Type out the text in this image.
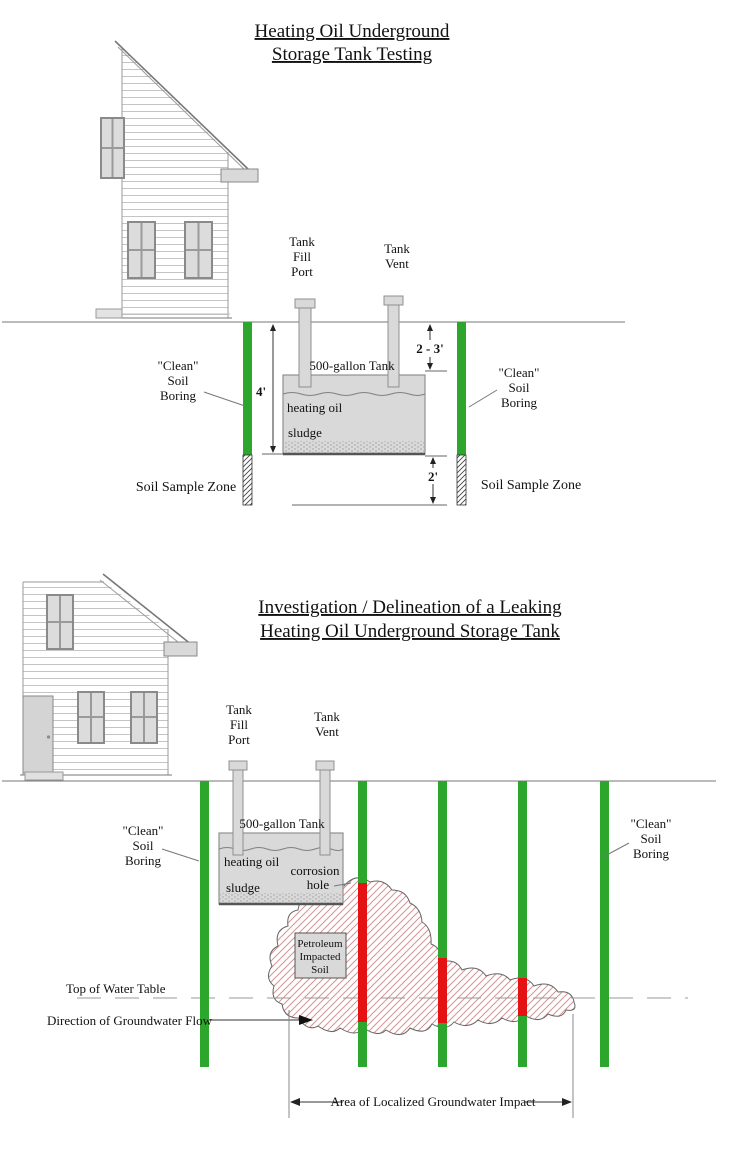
Heating Oil Underground
Storage Tank Testing
500-gallon Tank
heating oil
sludge
Tank
Fill
Port
Tank
Vent
"Clean"
Soil
Boring
"Clean"
Soil
Boring
Soil Sample Zone	Soil Sample Zone
4'
2 - 3'
2'
Investigation / Delineation of a Leaking
Heating Oil Underground Storage Tank
500-gallon Tank
heating oil
sludge
corrosion
hole
Petroleum
Impacted
Soil
Tank
Fill
Port
Tank
Vent
"Clean"
Soil
Boring
"Clean"
Soil
Boring
Top of Water Table
Direction of Groundwater Flow
Area of Localized Groundwater Impact
